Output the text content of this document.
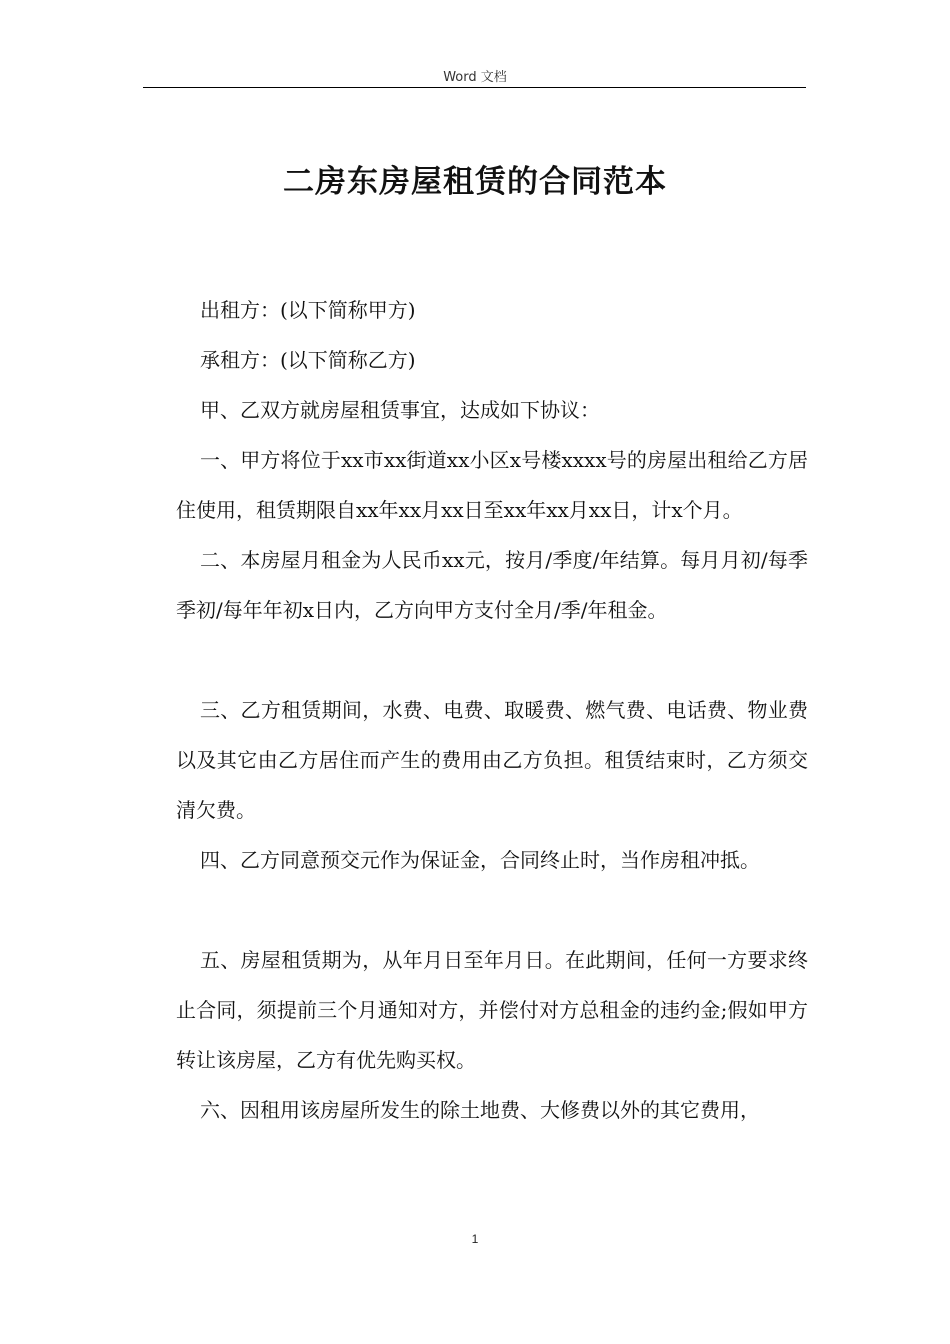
Word 文档
二房东房屋租赁的合同范本

出租方：(以下简称甲方)

承租方：(以下简称乙方)

甲、乙双方就房屋租赁事宜，达成如下协议：

一、甲方将位于xx市xx街道xx小区x号楼xxxx号的房屋出租给乙方居住使用，租赁期限自xx年xx月xx日至xx年xx月xx日，计x个月。

二、本房屋月租金为人民币xx元，按月/季度/年结算。每月月初/每季季初/每年年初x日内，乙方向甲方支付全月/季/年租金。

三、乙方租赁期间，水费、电费、取暖费、燃气费、电话费、物业费以及其它由乙方居住而产生的费用由乙方负担。租赁结束时，乙方须交清欠费。

四、乙方同意预交元作为保证金，合同终止时，当作房租冲抵。

五、房屋租赁期为，从年月日至年月日。在此期间，任何一方要求终止合同，须提前三个月通知对方，并偿付对方总租金的违约金;假如甲方转让该房屋，乙方有优先购买权。

六、因租用该房屋所发生的除土地费、大修费以外的其它费用，

1
